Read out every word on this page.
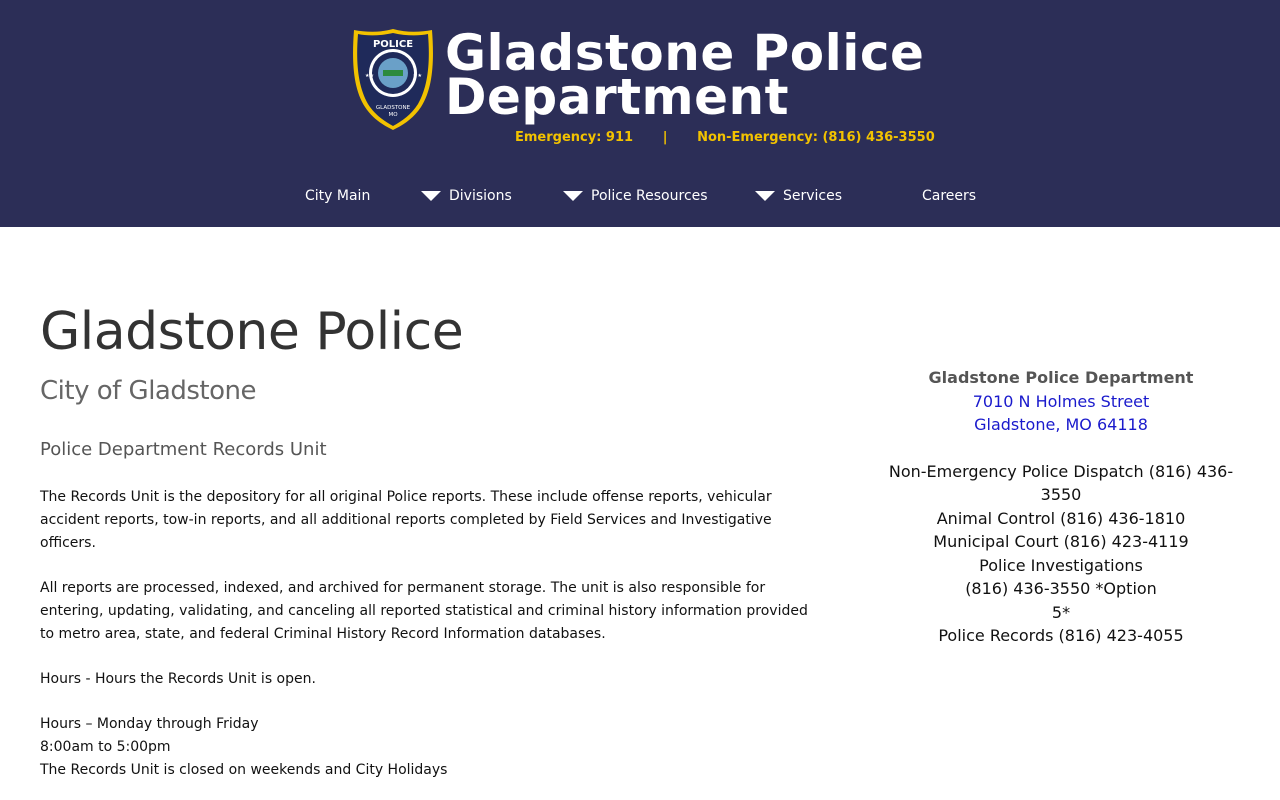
POLICE
GLADSTONE
MO
★★	★★ Gladstone Police
Department
Emergency: 911 | Non-Emergency: (816) 436-3550
City Main	Divisions	Police Resources	Services	Careers
Gladstone Police
City of Gladstone
Police Department Records Unit

The Records Unit is the depository for all original Police reports. These include offense reports, vehicular accident reports, tow-in reports, and all additional reports completed by Field Services and Investigative officers.

All reports are processed, indexed, and archived for permanent storage. The unit is also responsible for entering, updating, validating, and canceling all reported statistical and criminal history information provided to metro area, state, and federal Criminal History Record Information databases.

Hours - Hours the Records Unit is open.

Hours – Monday through Friday
8:00am to 5:00pm
The Records Unit is closed on weekends and City Holidays
Gladstone Police Department
7010 N Holmes Street
Gladstone, MO 64118
Non-Emergency Police Dispatch (816) 436-3550
Animal Control (816) 436-1810
Municipal Court (816) 423-4119
Police Investigations (816) 436-3550 *Option 5*
Police Records (816) 423-4055
